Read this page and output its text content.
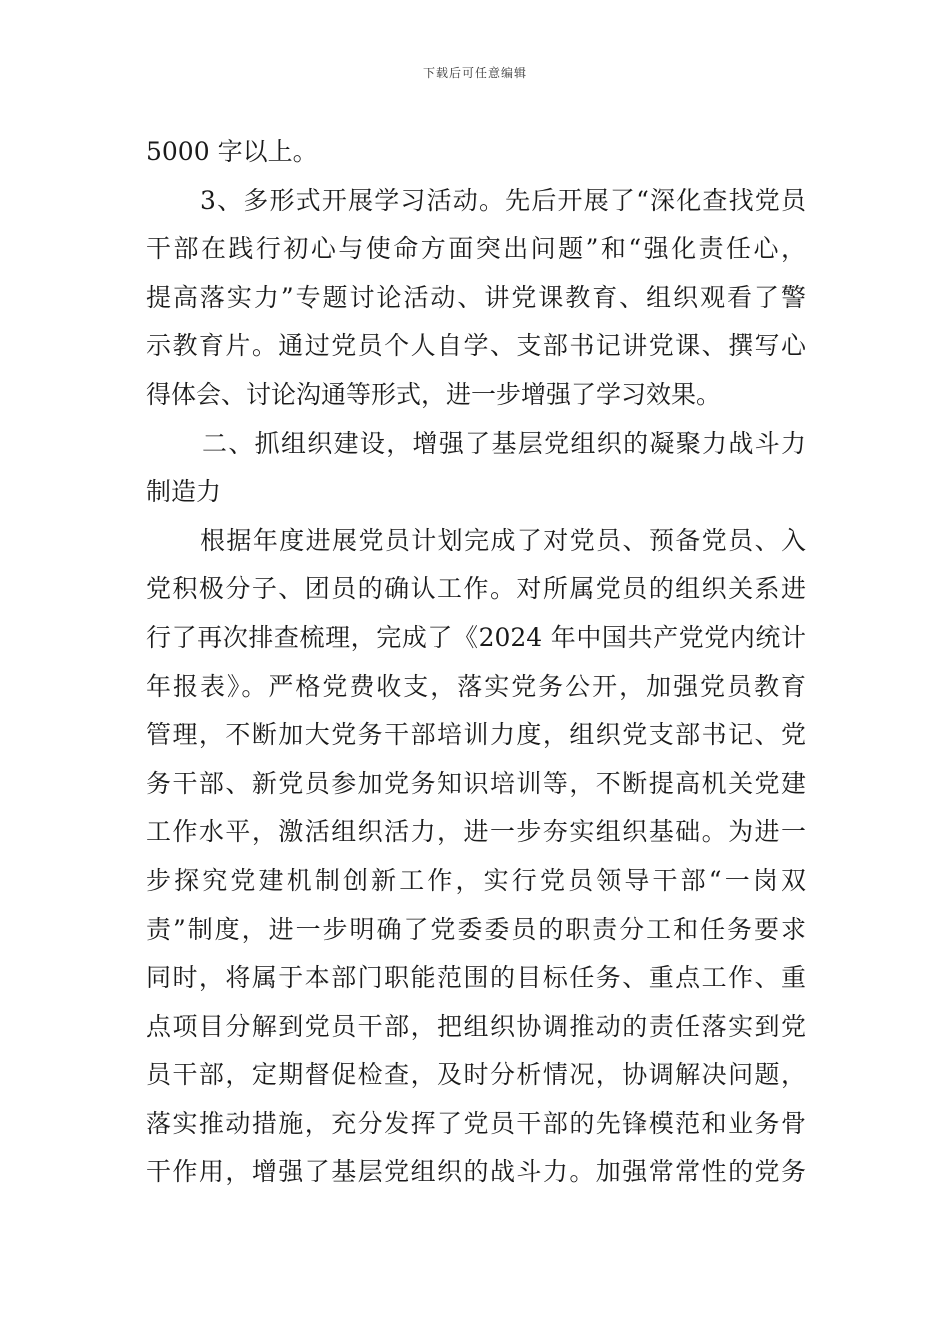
下载后可任意编辑
5000 字以上。
3、多形式开展学习活动。先后开展了“深化查找党员
干部在践行初心与使命方面突出问题”和“强化责任心，
提高落实力”专题讨论活动、讲党课教育、组织观看了警
示教育片。通过党员个人自学、支部书记讲党课、撰写心
得体会、讨论沟通等形式，进一步增强了学习效果。
二、抓组织建设，增强了基层党组织的凝聚力战斗力
制造力
根据年度进展党员计划完成了对党员、预备党员、入
党积极分子、团员的确认工作。对所属党员的组织关系进
行了再次排查梳理，完成了《2024 年中国共产党党内统计
年报表》。严格党费收支，落实党务公开，加强党员教育
管理，不断加大党务干部培训力度，组织党支部书记、党
务干部、新党员参加党务知识培训等，不断提高机关党建
工作水平，激活组织活力，进一步夯实组织基础。为进一
步探究党建机制创新工作，实行党员领导干部“一岗双
责”制度，进一步明确了党委委员的职责分工和任务要求
同时，将属于本部门职能范围的目标任务、重点工作、重
点项目分解到党员干部，把组织协调推动的责任落实到党
员干部，定期督促检查，及时分析情况，协调解决问题，
落实推动措施，充分发挥了党员干部的先锋模范和业务骨
干作用，增强了基层党组织的战斗力。加强常常性的党务
